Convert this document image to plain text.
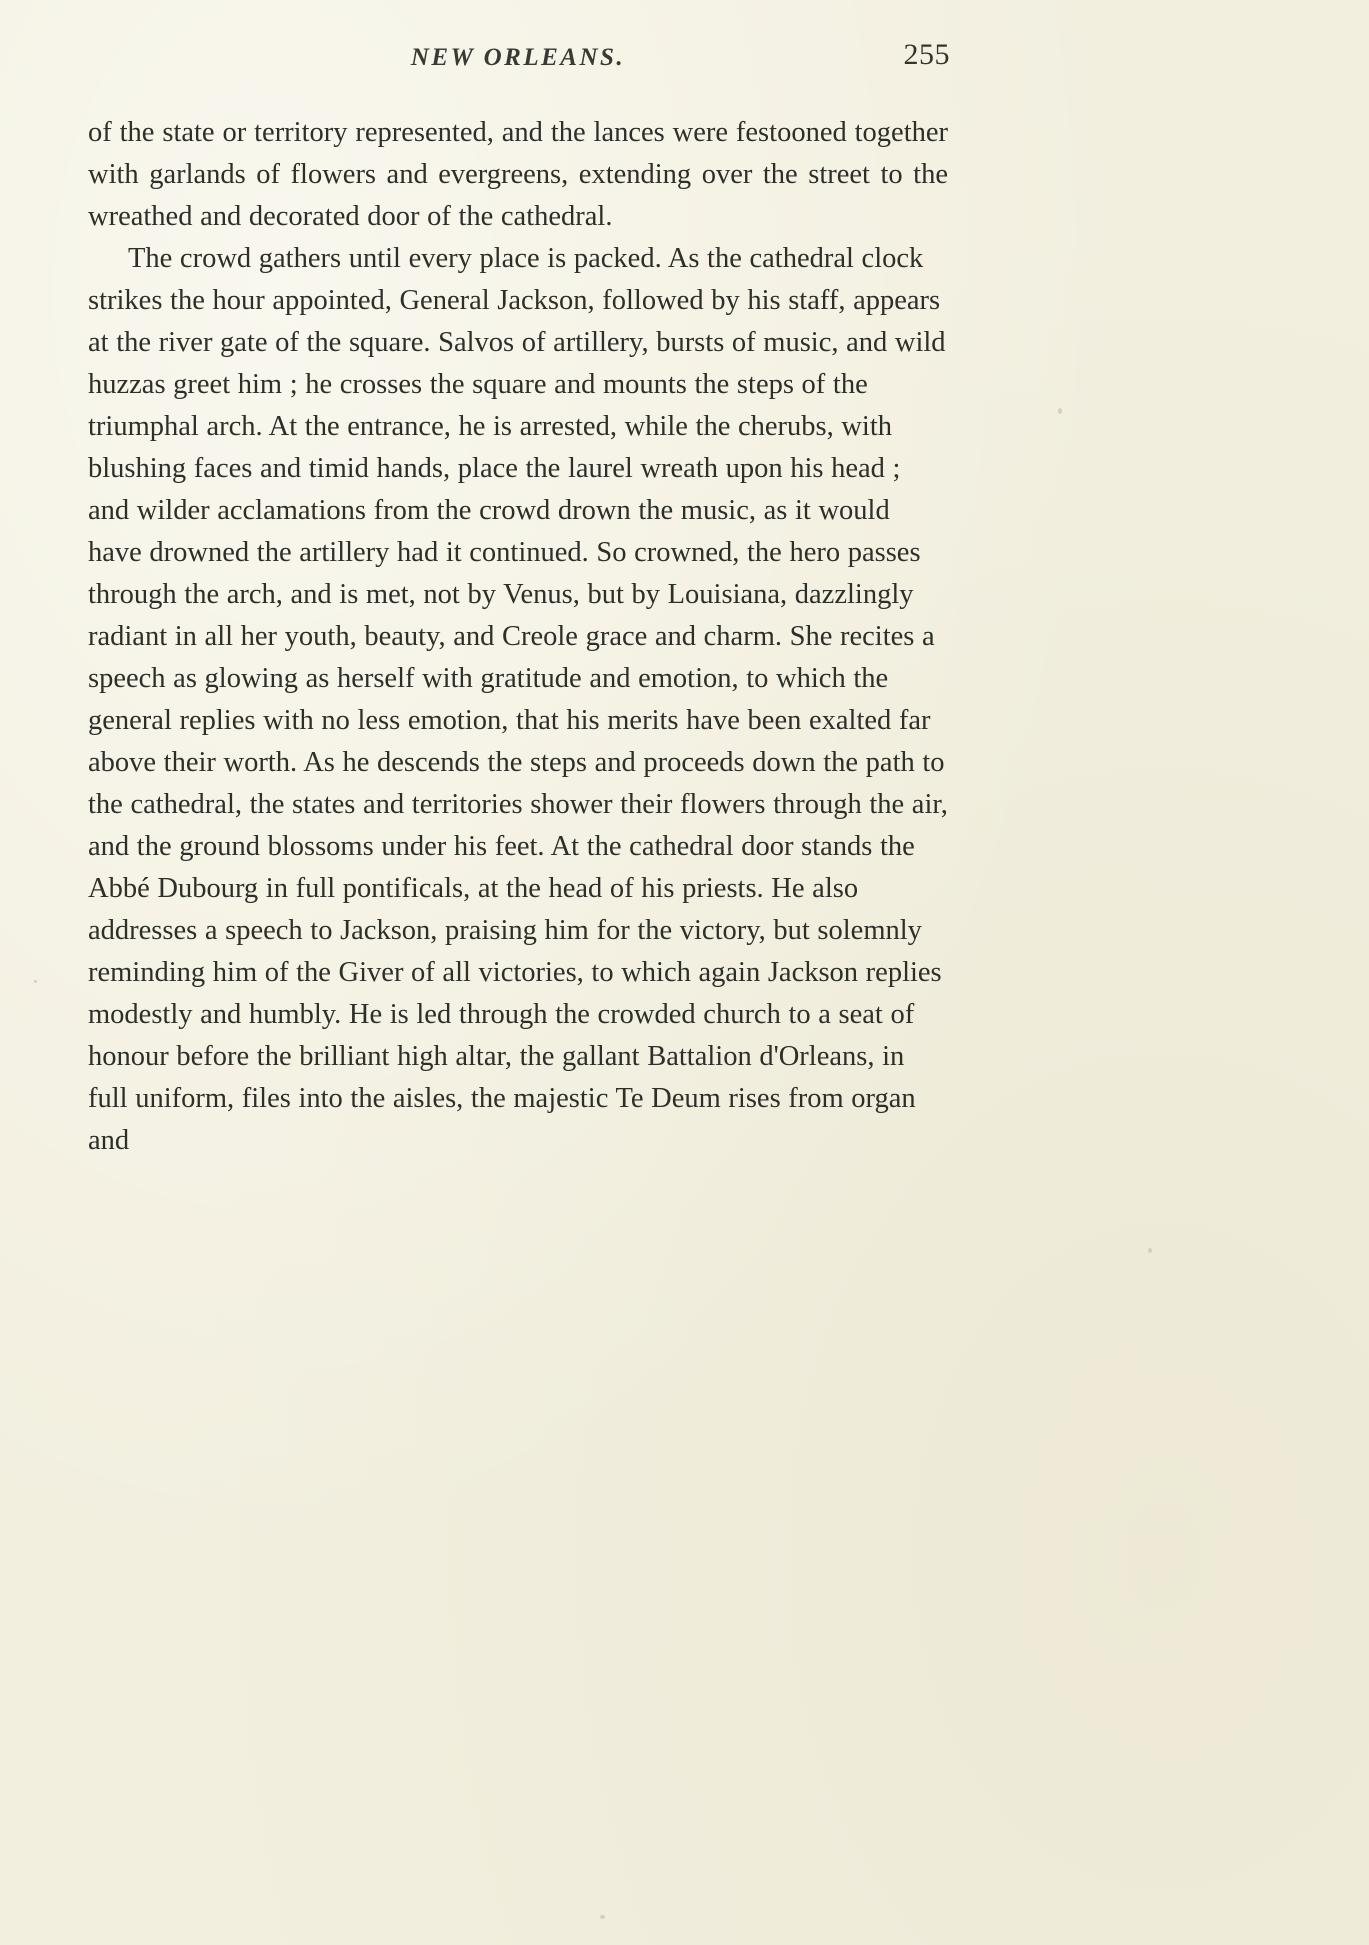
NEW ORLEANS.	255

of the state or territory represented, and the lances were festooned together with garlands of flowers and evergreens, extending over the street to the wreathed and decorated door of the cathedral.

The crowd gathers until every place is packed. As the cathedral clock strikes the hour appointed, General Jackson, followed by his staff, appears at the river gate of the square. Salvos of artillery, bursts of music, and wild huzzas greet him ; he crosses the square and mounts the steps of the triumphal arch. At the entrance, he is arrested, while the cherubs, with blushing faces and timid hands, place the laurel wreath upon his head ; and wilder acclamations from the crowd drown the music, as it would have drowned the artillery had it continued. So crowned, the hero passes through the arch, and is met, not by Venus, but by Louisiana, dazzlingly radiant in all her youth, beauty, and Creole grace and charm. She recites a speech as glowing as herself with gratitude and emotion, to which the general replies with no less emotion, that his merits have been exalted far above their worth. As he descends the steps and proceeds down the path to the cathedral, the states and territories shower their flowers through the air, and the ground blossoms under his feet. At the cathedral door stands the Abbé Dubourg in full pontificals, at the head of his priests. He also addresses a speech to Jackson, praising him for the victory, but solemnly reminding him of the Giver of all victories, to which again Jackson replies modestly and humbly. He is led through the crowded church to a seat of honour before the brilliant high altar, the gallant Battalion d'Orleans, in full uniform, files into the aisles, the majestic Te Deum rises from organ and
